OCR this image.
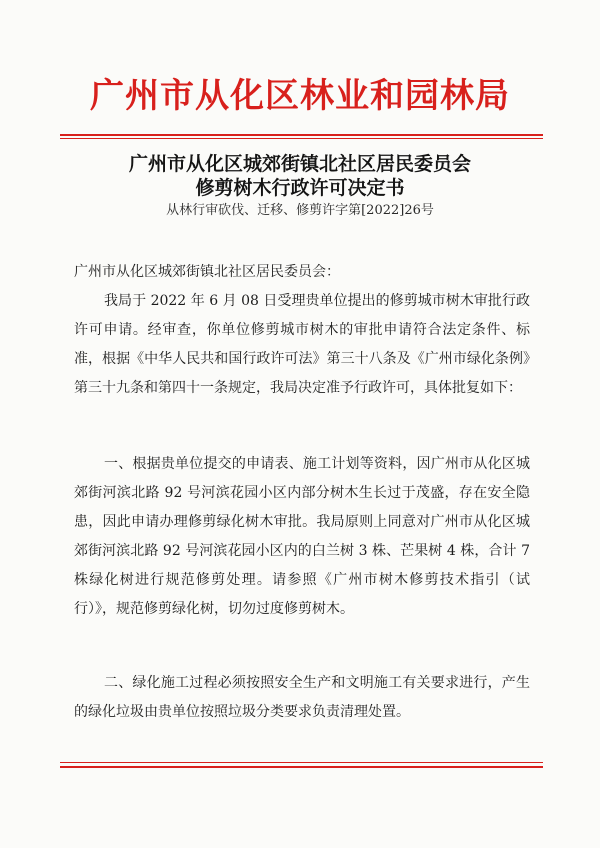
广州市从化区林业和园林局
广州市从化区城郊街镇北社区居民委员会
修剪树木行政许可决定书
从林行审砍伐、迁移、修剪许字第[2022]26号
广州市从化区城郊街镇北社区居民委员会：

我局于 2022 年 6 月 08 日受理贵单位提出的修剪城市树木审批行政许可申请。经审查，你单位修剪城市树木的审批申请符合法定条件、标准，根据《中华人民共和国行政许可法》第三十八条及《广州市绿化条例》第三十九条和第四十一条规定，我局决定准予行政许可，具体批复如下：

一、根据贵单位提交的申请表、施工计划等资料，因广州市从化区城郊街河滨北路 92 号河滨花园小区内部分树木生长过于茂盛，存在安全隐患，因此申请办理修剪绿化树木审批。我局原则上同意对广州市从化区城郊街河滨北路 92 号河滨花园小区内的白兰树 3 株、芒果树 4 株，合计 7 株绿化树进行规范修剪处理。请参照《广州市树木修剪技术指引（试行）》，规范修剪绿化树，切勿过度修剪树木。

二、绿化施工过程必须按照安全生产和文明施工有关要求进行，产生的绿化垃圾由贵单位按照垃圾分类要求负责清理处置。
